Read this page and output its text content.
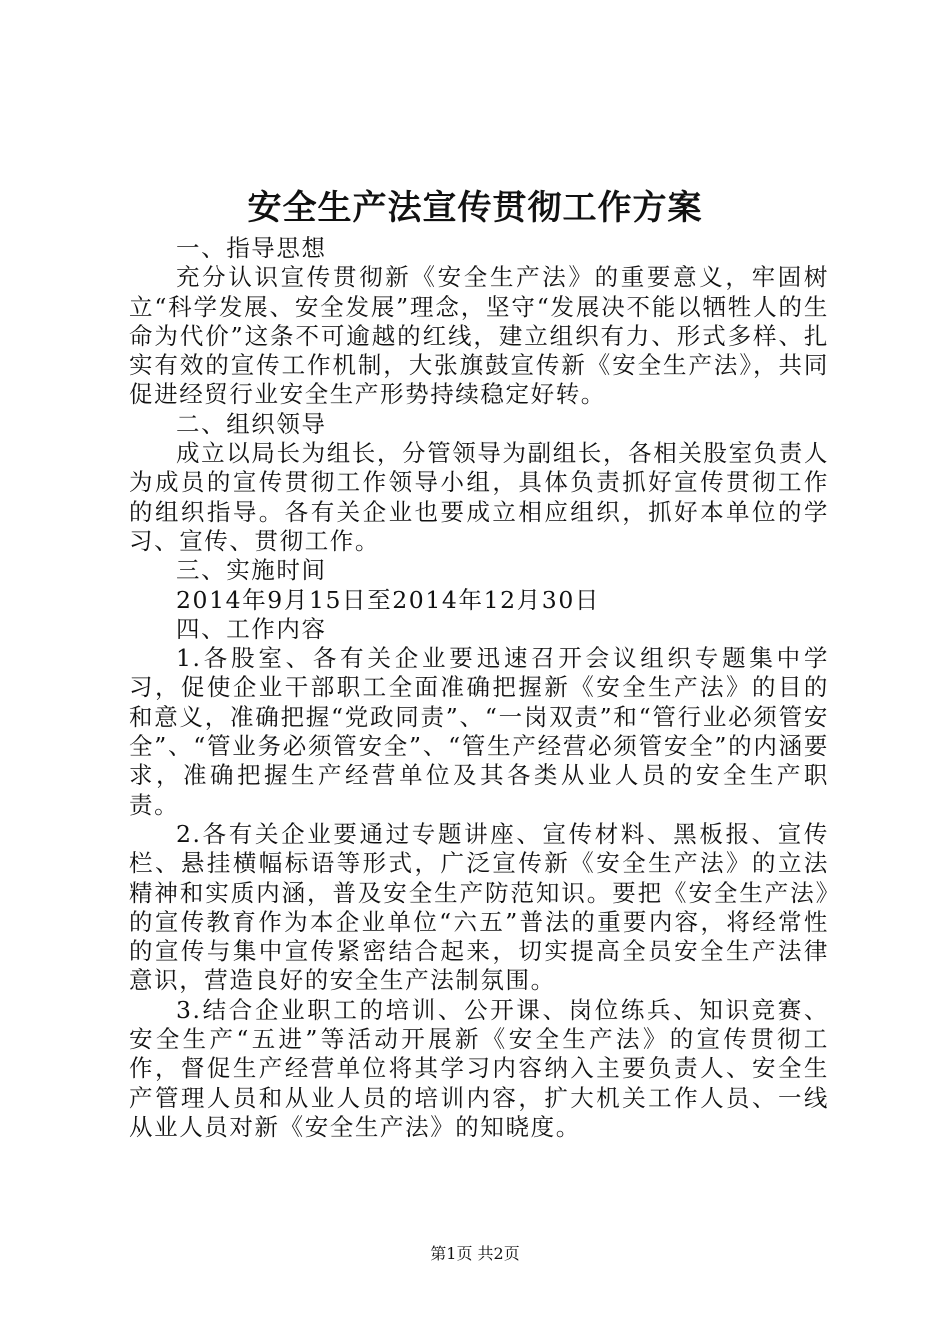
安全生产法宣传贯彻工作方案

一、指导思想

充分认识宣传贯彻新《安全生产法》的重要意义，牢固树立“科学发展、安全发展”理念，坚守“发展决不能以牺牲人的生命为代价”这条不可逾越的红线，建立组织有力、形式多样、扎实有效的宣传工作机制，大张旗鼓宣传新《安全生产法》，共同促进经贸行业安全生产形势持续稳定好转。

二、组织领导

成立以局长为组长，分管领导为副组长，各相关股室负责人为成员的宣传贯彻工作领导小组，具体负责抓好宣传贯彻工作的组织指导。各有关企业也要成立相应组织，抓好本单位的学习、宣传、贯彻工作。

三、实施时间

2014年9月15日至2014年12月30日

四、工作内容

1.各股室、各有关企业要迅速召开会议组织专题集中学习，促使企业干部职工全面准确把握新《安全生产法》的目的和意义，准确把握“党政同责”、“一岗双责”和“管行业必须管安全”、“管业务必须管安全”、“管生产经营必须管安全”的内涵要求，准确把握生产经营单位及其各类从业人员的安全生产职责。

2.各有关企业要通过专题讲座、宣传材料、黑板报、宣传栏、悬挂横幅标语等形式，广泛宣传新《安全生产法》的立法精神和实质内涵，普及安全生产防范知识。要把《安全生产法》的宣传教育作为本企业单位“六五”普法的重要内容，将经常性的宣传与集中宣传紧密结合起来，切实提高全员安全生产法律意识，营造良好的安全生产法制氛围。

3.结合企业职工的培训、公开课、岗位练兵、知识竞赛、安全生产“五进”等活动开展新《安全生产法》的宣传贯彻工作，督促生产经营单位将其学习内容纳入主要负责人、安全生产管理人员和从业人员的培训内容，扩大机关工作人员、一线从业人员对新《安全生产法》的知晓度。

第1页 共2页
